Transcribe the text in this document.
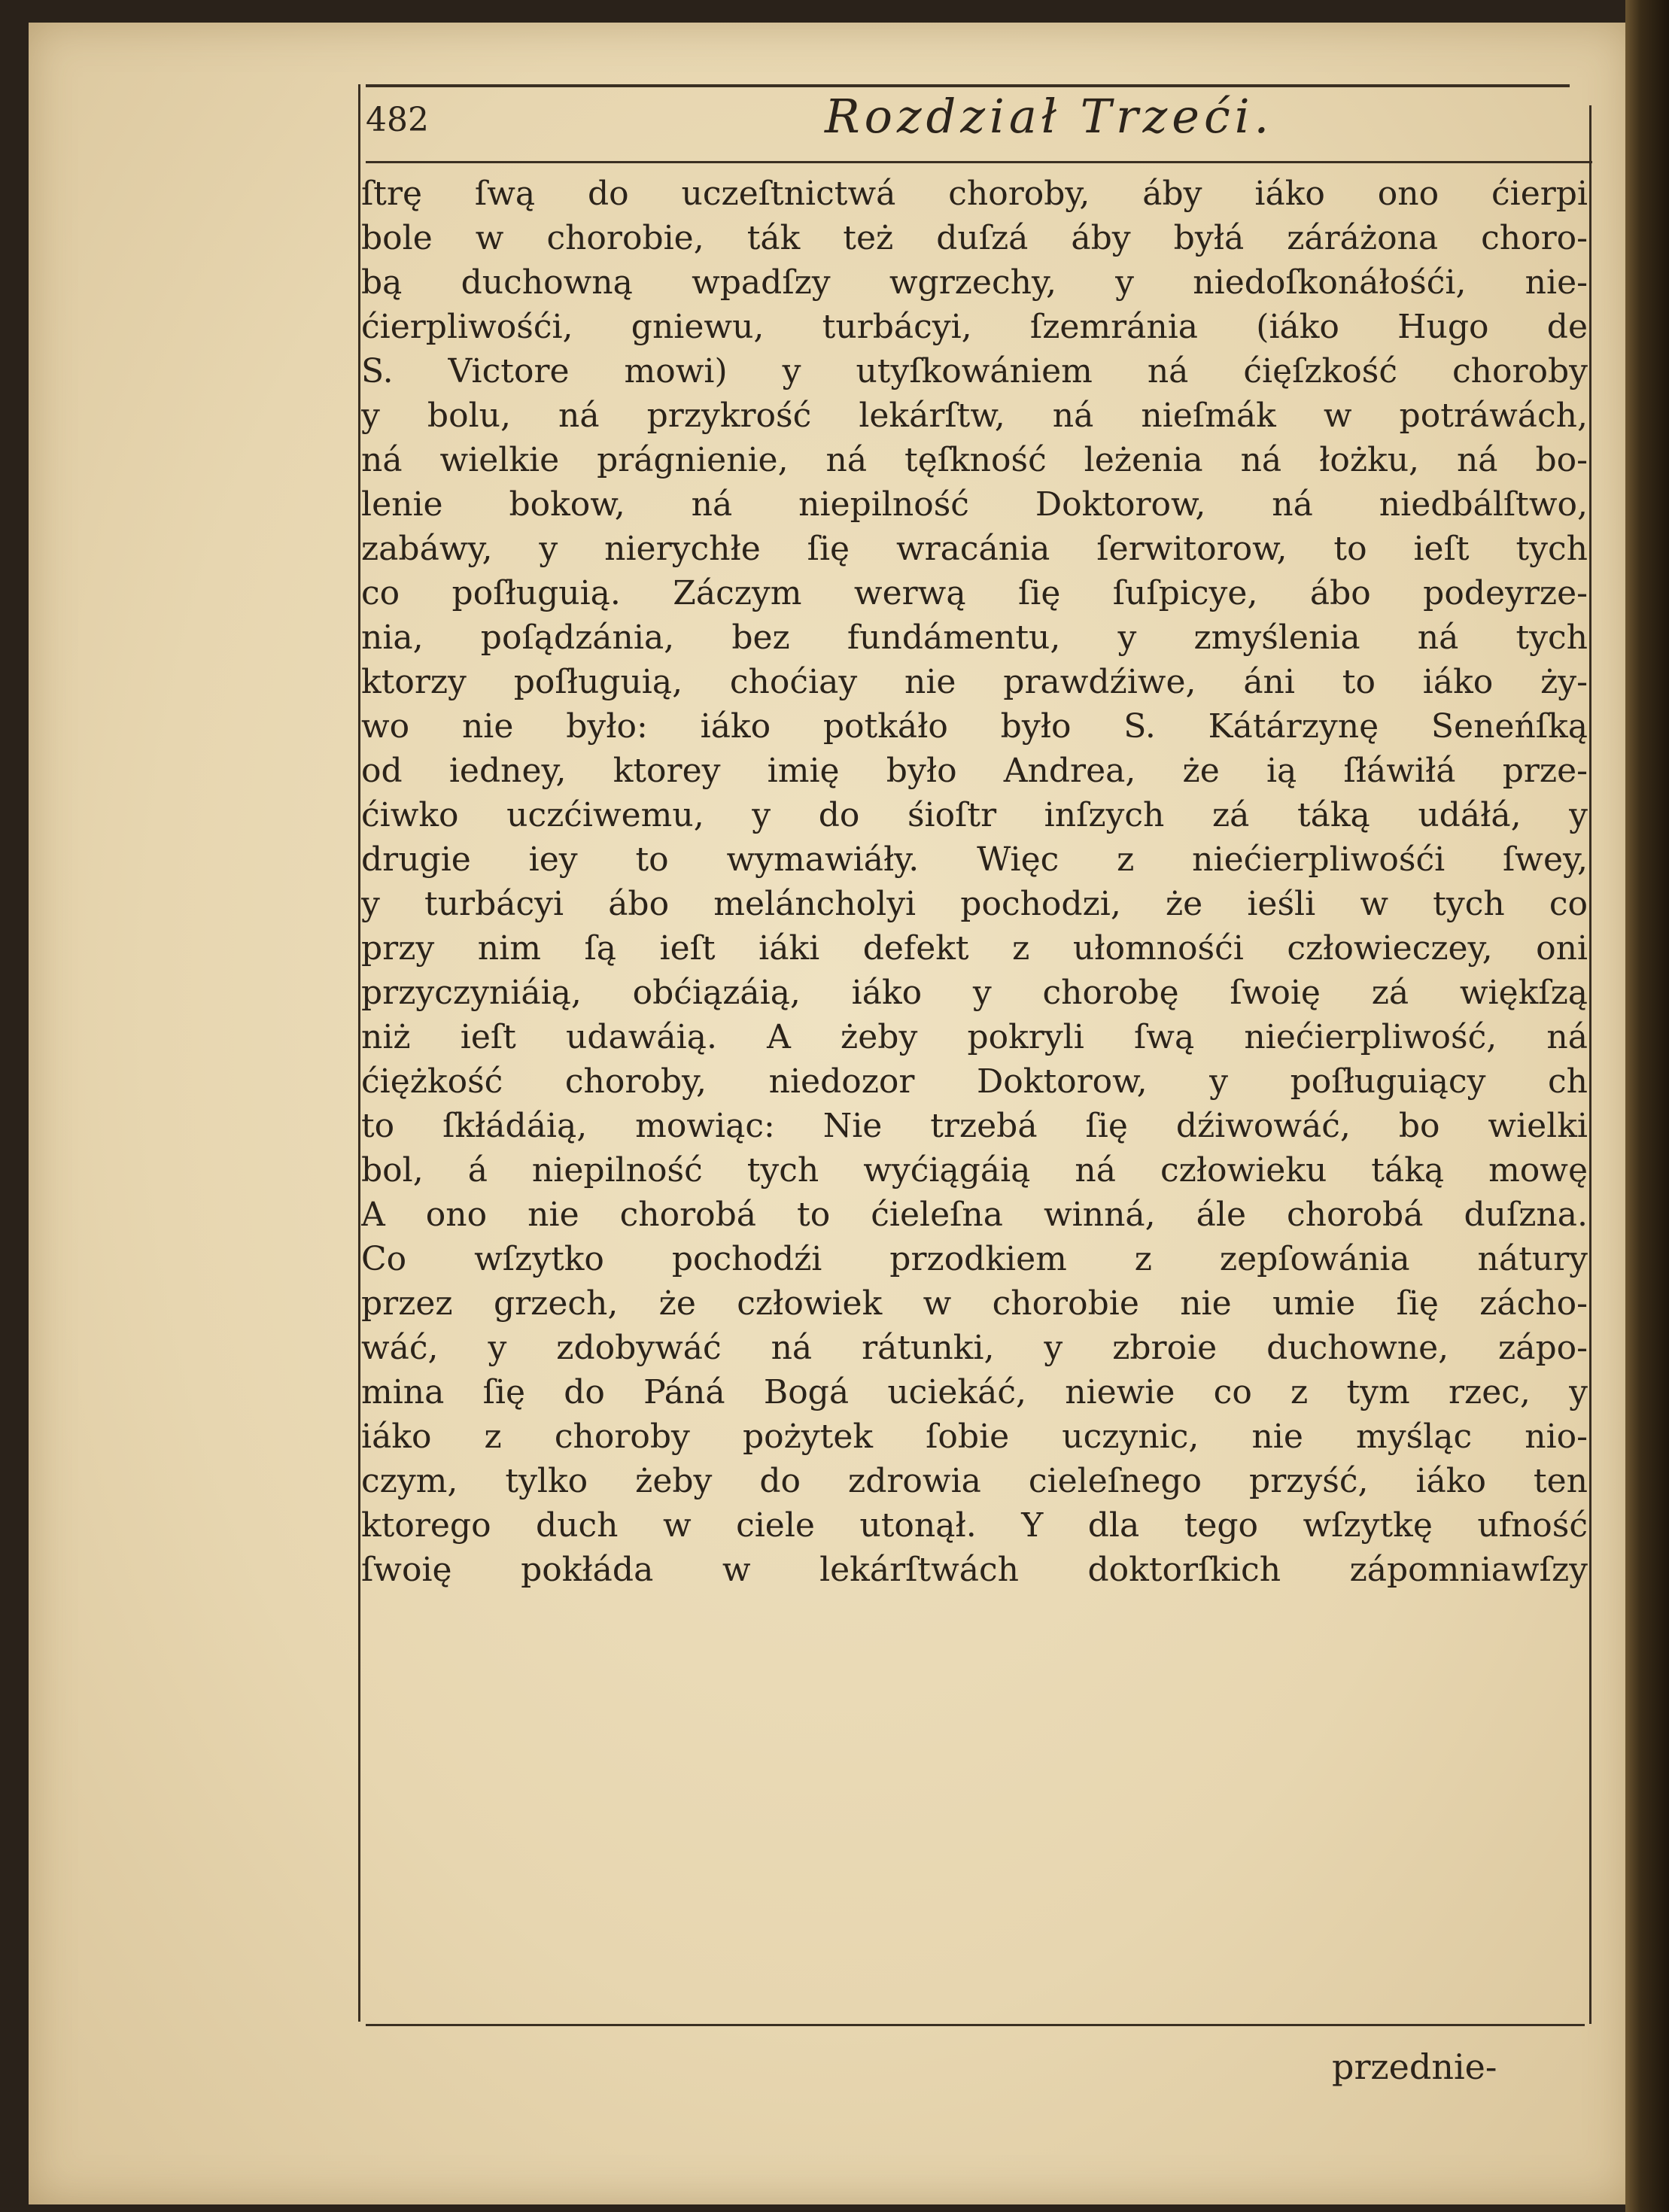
482	Rozdział Trzeći.
ſtrę ſwą do uczeſtnictwá choroby, áby iáko ono ćierpi
bole w chorobie, ták też duſzá áby byłá záráżona choro-
bą duchowną wpadſzy wgrzechy, y niedoſkonáłośći, nie-
ćierpliwośći, gniewu, turbácyi, ſzemránia (iáko Hugo de
S. Victore mowi) y utyſkowániem ná ćięſzkość choroby
y bolu, ná przykrość lekárſtw, ná nieſmák w potráwách,
ná wielkie prágnienie, ná tęſkność leżenia ná łożku, ná bo-
lenie bokow, ná niepilność Doktorow, ná niedbálſtwo,
zabáwy, y nierychłe ſię wracánia ſerwitorow, to ieſt tych
co poſługuią. Záczym werwą ſię ſuſpicye, ábo podeyrze-
nia, poſądzánia, bez fundámentu, y zmyślenia ná tych
ktorzy poſługuią, choćiay nie prawdźiwe, áni to iáko ży-
wo nie było: iáko potkáło było S. Kátárzynę Seneńſką
od iedney, ktorey imię było Andrea, że ią ſłáwiłá prze-
ćiwko uczćiwemu, y do śioſtr inſzych zá táką udáłá, y
drugie iey to wymawiáły. Więc z niećierpliwośći ſwey,
y turbácyi ábo meláncholyi pochodzi, że ieśli w tych co
przy nim ſą ieſt iáki defekt z ułomnośći człowieczey, oni
przyczyniáią, obćiązáią, iáko y chorobę ſwoię zá więkſzą
niż ieſt udawáią. A żeby pokryli ſwą niećierpliwość, ná
ćiężkość choroby, niedozor Doktorow, y poſługuiący ch
to ſkłádáią, mowiąc: Nie trzebá ſię dźiwowáć, bo wielki
bol, á niepilność tych wyćiągáią ná człowieku táką mowę
A ono nie chorobá to ćieleſna winná, ále chorobá duſzna.
Co wſzytko pochodźi przodkiem z zepſowánia nátury
przez grzech, że człowiek w chorobie nie umie ſię zácho-
wáć, y zdobywáć ná rátunki, y zbroie duchowne, zápo-
mina ſię do Páná Bogá uciekáć, niewie co z tym rzec, y
iáko z choroby pożytek ſobie uczynic, nie myśląc nio-
czym, tylko żeby do zdrowia cieleſnego przyść, iáko ten
ktorego duch w ciele utonął. Y dla tego wſzytkę ufność
ſwoię pokłáda w lekárſtwách doktorſkich zápomniawſzy
przednie-
